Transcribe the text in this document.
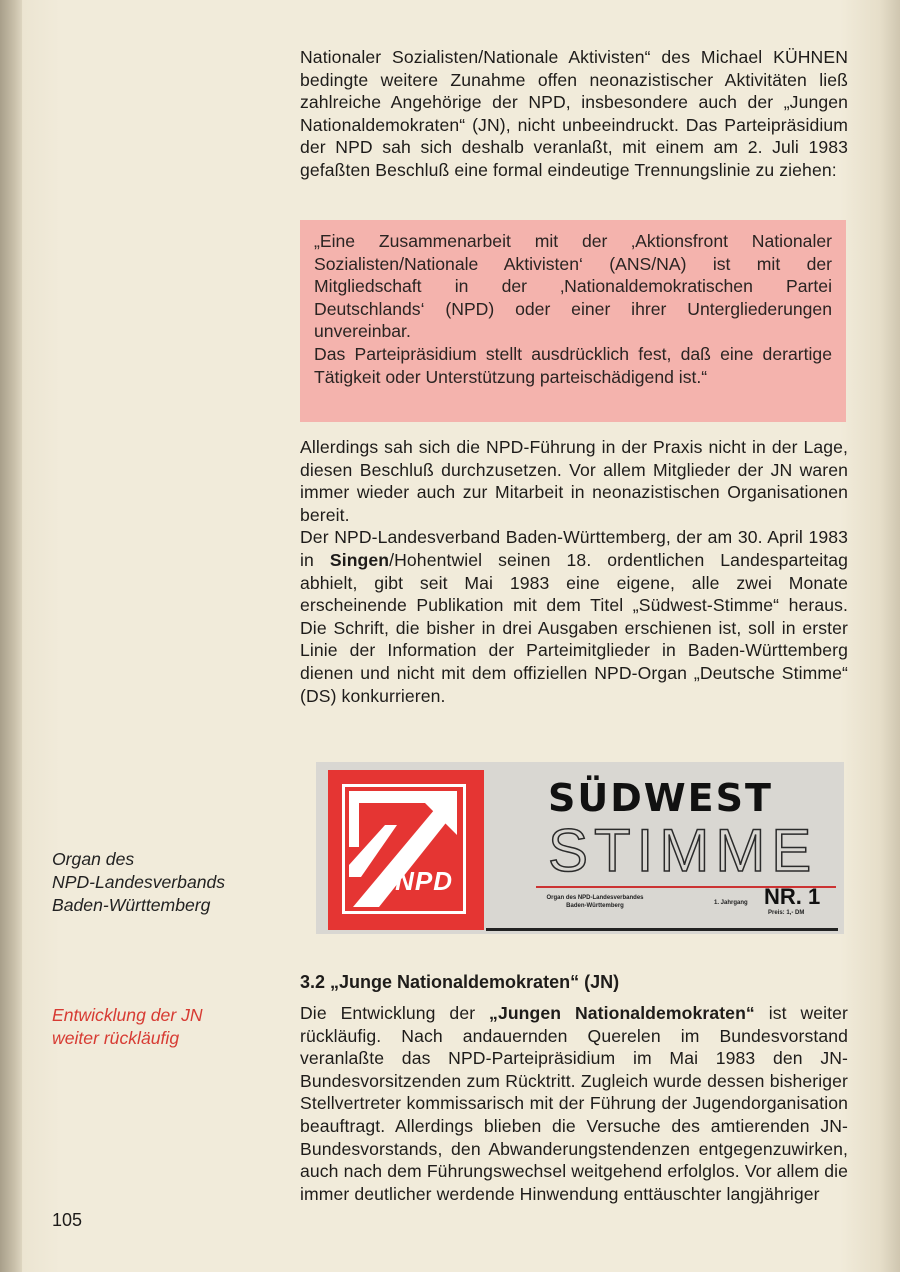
Nationaler Sozialisten/Nationale Aktivisten“ des Michael KÜHNEN bedingte weitere Zunahme offen neonazistischer Aktivitäten ließ zahlreiche Angehörige der NPD, insbesondere auch der „Jungen Nationaldemokraten“ (JN), nicht unbeeindruckt. Das Parteipräsidium der NPD sah sich deshalb veranlaßt, mit einem am 2. Juli 1983 gefaßten Beschluß eine formal eindeutige Trennungslinie zu ziehen:

„Eine Zusammenarbeit mit der ‚Aktionsfront Nationaler Sozialisten/Nationale Aktivisten‘ (ANS/NA) ist mit der Mitgliedschaft in der ‚Nationaldemokratischen Partei Deutschlands‘ (NPD) oder einer ihrer Untergliederungen unvereinbar.

Das Parteipräsidium stellt ausdrücklich fest, daß eine derartige Tätigkeit oder Unterstützung parteischädigend ist.“

Allerdings sah sich die NPD-Führung in der Praxis nicht in der Lage, diesen Beschluß durchzusetzen. Vor allem Mitglieder der JN waren immer wieder auch zur Mitarbeit in neonazistischen Organisationen bereit.

Der NPD-Landesverband Baden-Württemberg, der am 30. April 1983 in Singen/Hohentwiel seinen 18. ordentlichen Landesparteitag abhielt, gibt seit Mai 1983 eine eigene, alle zwei Monate erscheinende Publikation mit dem Titel „Südwest-Stimme“ heraus. Die Schrift, die bisher in drei Ausgaben erschienen ist, soll in erster Linie der Information der Parteimitglieder in Baden-Württemberg dienen und nicht mit dem offiziellen NPD-Organ „Deutsche Stimme“ (DS) konkurrieren.

NPD
SÜDWEST
STIMME
Organ des NPD-Landesverbandes
Baden-Württemberg	1. Jahrgang NR. 1
Preis: 1,- DM
Organ des
NPD-Landesverbands
Baden-Württemberg
Entwicklung der JN
weiter rückläufig
3.2 „Junge Nationaldemokraten“ (JN)

Die Entwicklung der „Jungen Nationaldemokraten“ ist weiter rückläufig. Nach andauernden Querelen im Bundesvorstand veranlaßte das NPD-Parteipräsidium im Mai 1983 den JN-Bundesvorsitzenden zum Rücktritt. Zugleich wurde dessen bisheriger Stellvertreter kommissarisch mit der Führung der Jugendorganisation beauftragt. Allerdings blieben die Versuche des amtierenden JN-Bundesvorstands, den Abwanderungstendenzen entgegenzuwirken, auch nach dem Führungswechsel weitgehend erfolglos. Vor allem die immer deutlicher werdende Hinwendung enttäuschter langjähriger

105
